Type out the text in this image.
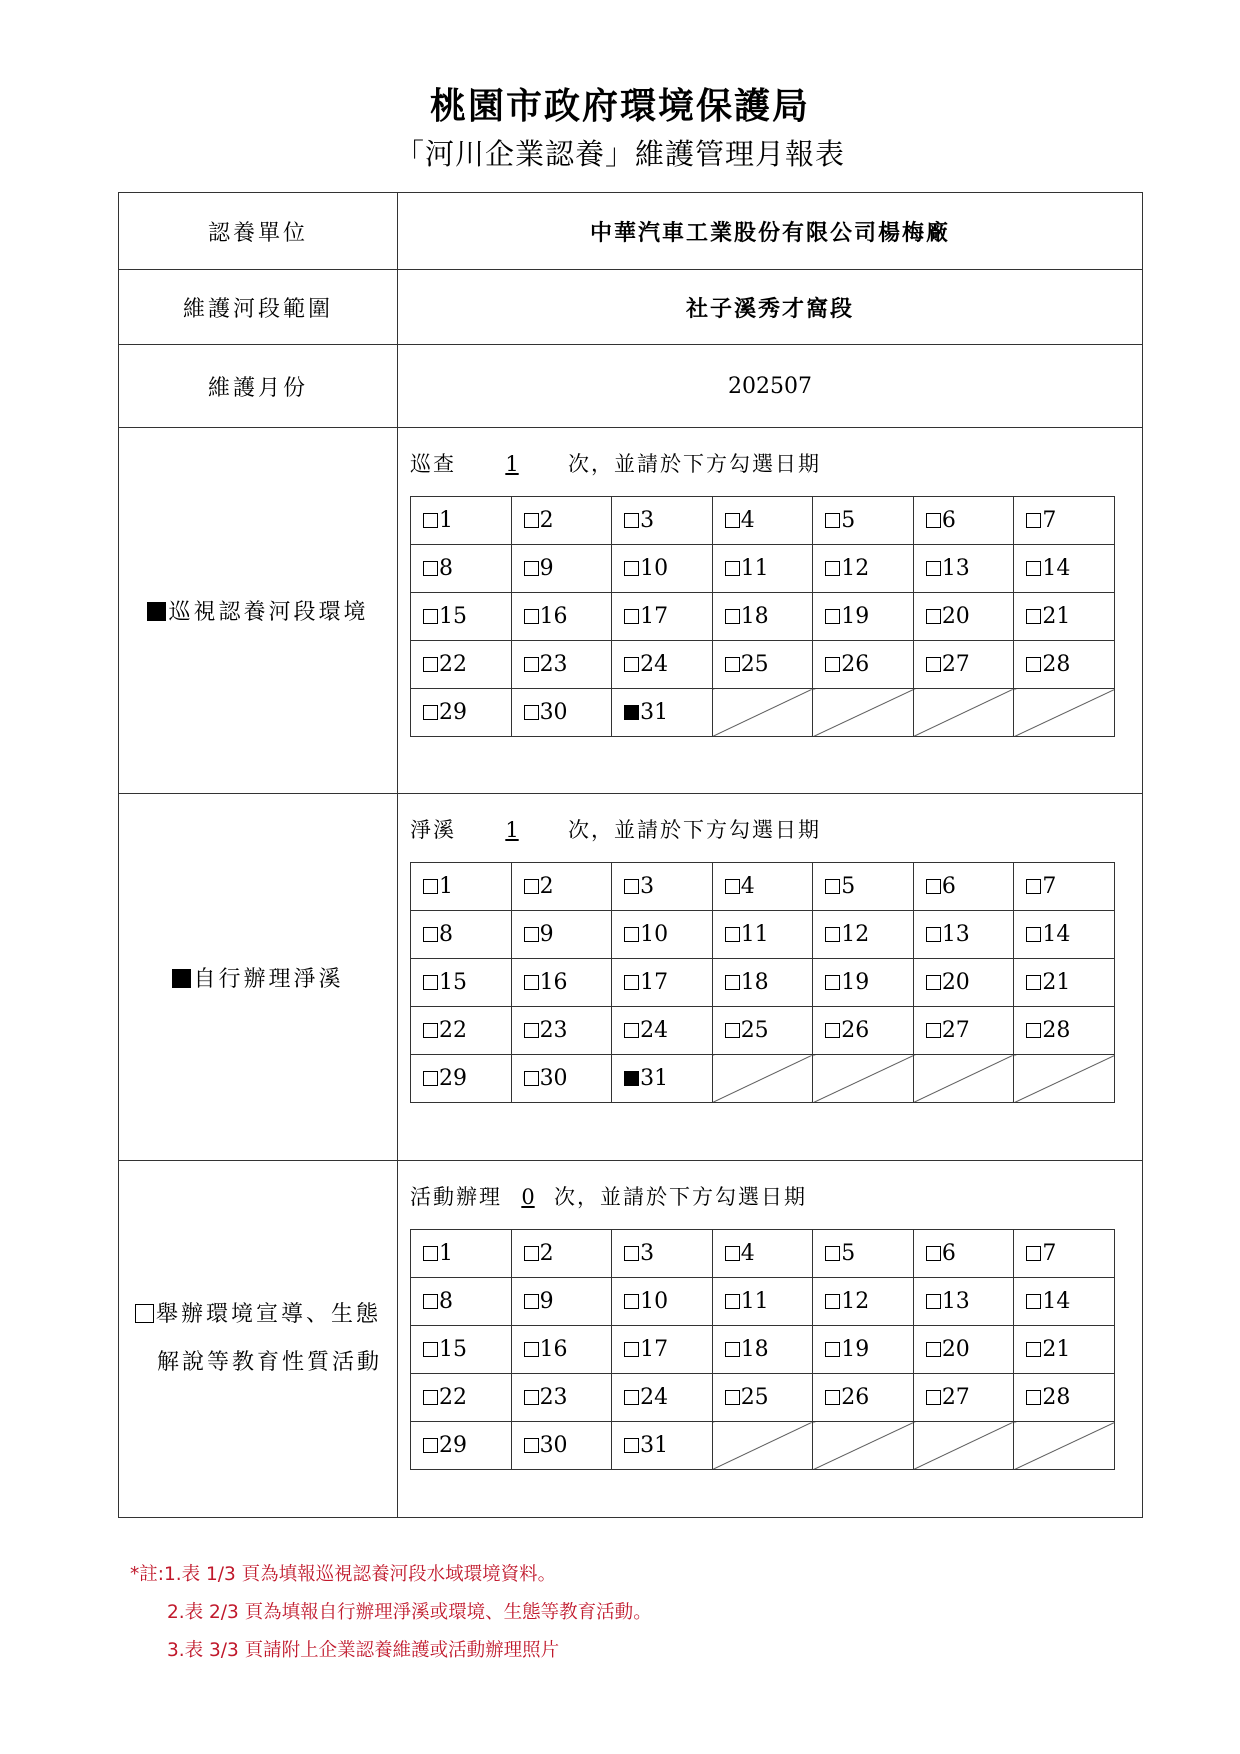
桃園市政府環境保護局
「河川企業認養」維護管理月報表
認養單位	中華汽車工業股份有限公司楊梅廠
維護河段範圍	社子溪秀才窩段
維護月份	202507
巡視認養河段環境	
巡查 1 次，並請於下方勾選日期
1	2	3	4	5	6	7
8	9	10	11	12	13	14
15	16	17	18	19	20	21
22	23	24	25	26	27	28
29	30	31				

自行辦理淨溪	
淨溪 1 次，並請於下方勾選日期
1	2	3	4	5	6	7
8	9	10	11	12	13	14
15	16	17	18	19	20	21
22	23	24	25	26	27	28
29	30	31				

舉辦環境宣導、生態
解說等教育性質活動

活動辦理 0 次，並請於下方勾選日期
1	2	3	4	5	6	7
8	9	10	11	12	13	14
15	16	17	18	19	20	21
22	23	24	25	26	27	28
29	30	31				
*註:1.表 1/3 頁為填報巡視認養河段水域環境資料。
2.表 2/3 頁為填報自行辦理淨溪或環境、生態等教育活動。
3.表 3/3 頁請附上企業認養維護或活動辦理照片
